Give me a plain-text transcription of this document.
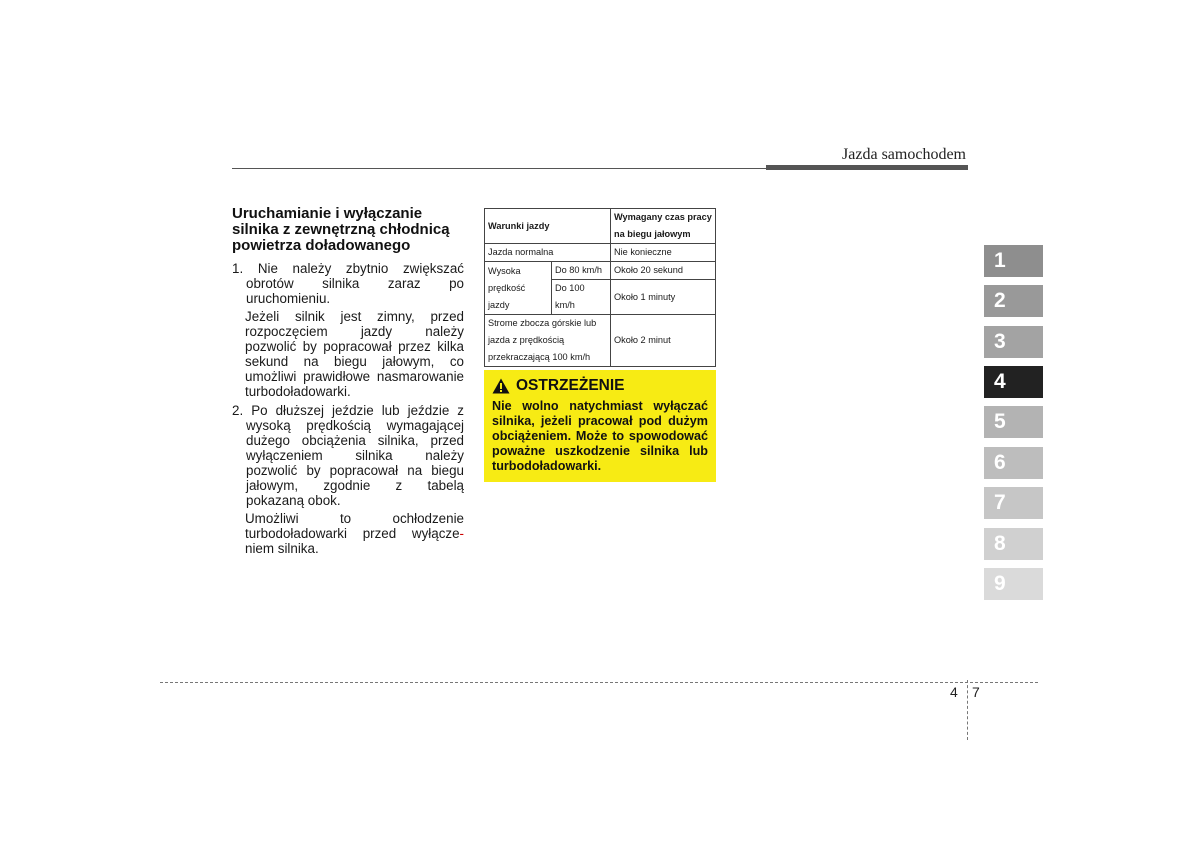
Jazda samochodem
Uruchamianie i wyłączanie silnika z zewnętrzną chłodnicą powietrza doładowanego
1. Nie należy zbytnio zwiększać
obrotów silnika zaraz po
uruchomieniu.
Jeżeli silnik jest zimny, przed
rozpoczęciem jazdy należy
pozwolić by popracował przez kilka
sekund na biegu jałowym, co
umożliwi prawidłowe nasmarowanie
turbodoładowarki.
2. Po dłuższej jeździe lub jeździe z
wysoką prędkością wymagającej
dużego obciążenia silnika, przed
wyłączeniem silnika należy
pozwolić by popracował na biegu
jałowym, zgodnie z tabelą
pokazaną obok.
Umożliwi to ochłodzenie
turbodoładowarki przed wyłącze-
niem silnika.
Warunki jazdy		Wymagany czas pracy
na biegu jałowym

Jazda normalna		Nie konieczne

Wysoka
prędkość jazdy	Do 80 km/h	Około 20 sekund
	Do 100 km/h	Około 1 minuty

Strome zbocza górskie lub
jazda z prędkością
przekraczającą 100 km/h		Około 2 minut
OSTRZEŻENIE
Nie wolno natychmiast wyłączać
silnika, jeżeli pracował pod dużym
obciążeniem. Może to spowodować
poważne uszkodzenie silnika lub
turbodoładowarki.
1
2
3
4
5
6
7
8
9
4 7
